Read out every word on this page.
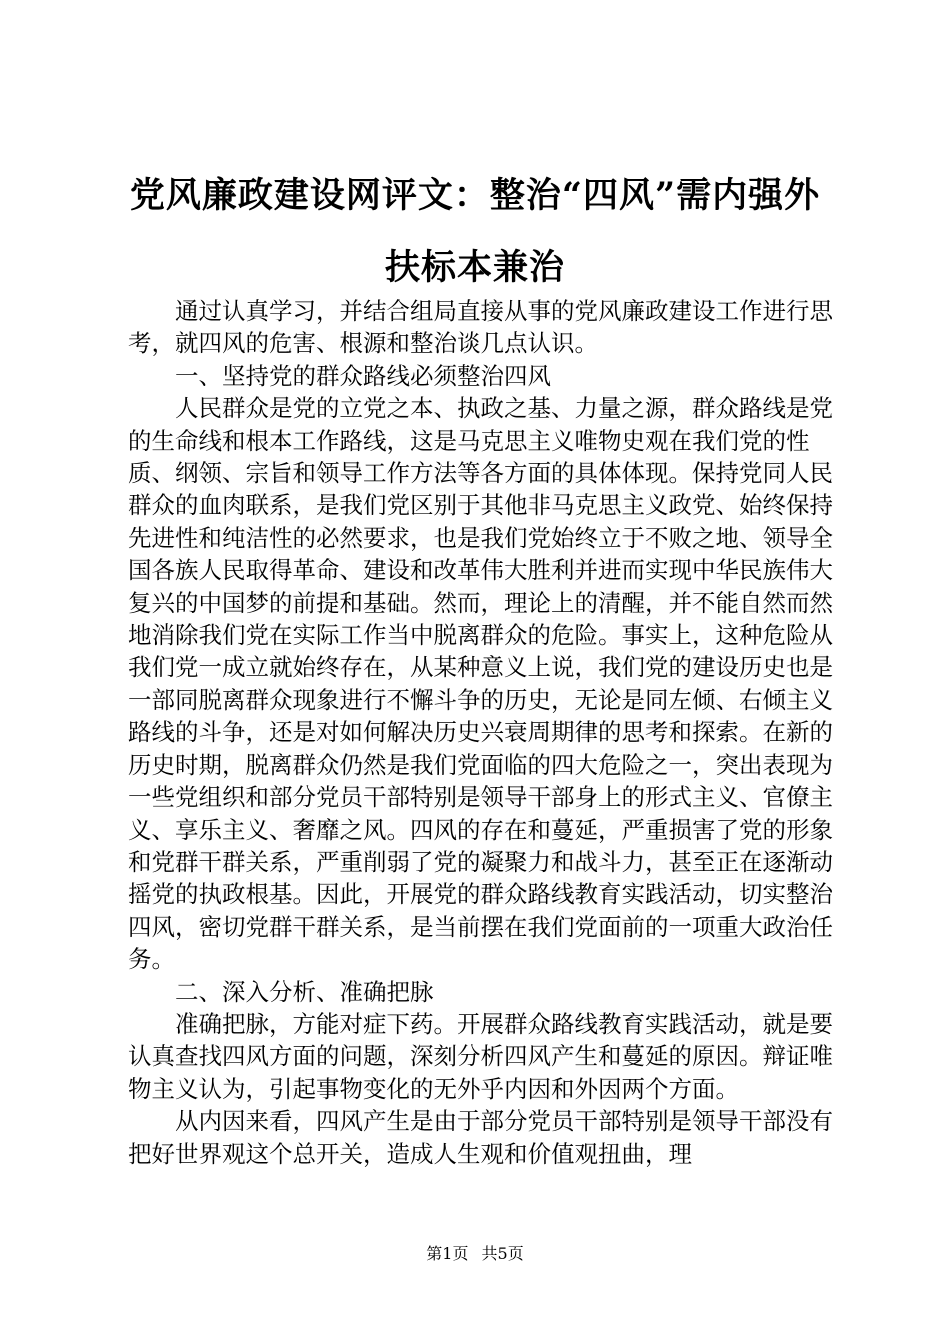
党风廉政建设网评文：整治“四风”需内强外
扶标本兼治

通过认真学习，并结合组局直接从事的党风廉政建设工作进行思考，就四风的危害、根源和整治谈几点认识。

一、坚持党的群众路线必须整治四风

人民群众是党的立党之本、执政之基、力量之源，群众路线是党的生命线和根本工作路线，这是马克思主义唯物史观在我们党的性质、纲领、宗旨和领导工作方法等各方面的具体体现。保持党同人民群众的血肉联系，是我们党区别于其他非马克思主义政党、始终保持先进性和纯洁性的必然要求，也是我们党始终立于不败之地、领导全国各族人民取得革命、建设和改革伟大胜利并进而实现中华民族伟大复兴的中国梦的前提和基础。然而，理论上的清醒，并不能自然而然地消除我们党在实际工作当中脱离群众的危险。事实上，这种危险从我们党一成立就始终存在，从某种意义上说，我们党的建设历史也是一部同脱离群众现象进行不懈斗争的历史，无论是同左倾、右倾主义路线的斗争，还是对如何解决历史兴衰周期律的思考和探索。在新的历史时期，脱离群众仍然是我们党面临的四大危险之一，突出表现为一些党组织和部分党员干部特别是领导干部身上的形式主义、官僚主义、享乐主义、奢靡之风。四风的存在和蔓延，严重损害了党的形象和党群干群关系，严重削弱了党的凝聚力和战斗力，甚至正在逐渐动摇党的执政根基。因此，开展党的群众路线教育实践活动，切实整治四风，密切党群干群关系，是当前摆在我们党面前的一项重大政治任务。

二、深入分析、准确把脉

准确把脉，方能对症下药。开展群众路线教育实践活动，就是要认真查找四风方面的问题，深刻分析四风产生和蔓延的原因。辩证唯物主义认为，引起事物变化的无外乎内因和外因两个方面。

从内因来看，四风产生是由于部分党员干部特别是领导干部没有把好世界观这个总开关，造成人生观和价值观扭曲，理

第1页 共5页
